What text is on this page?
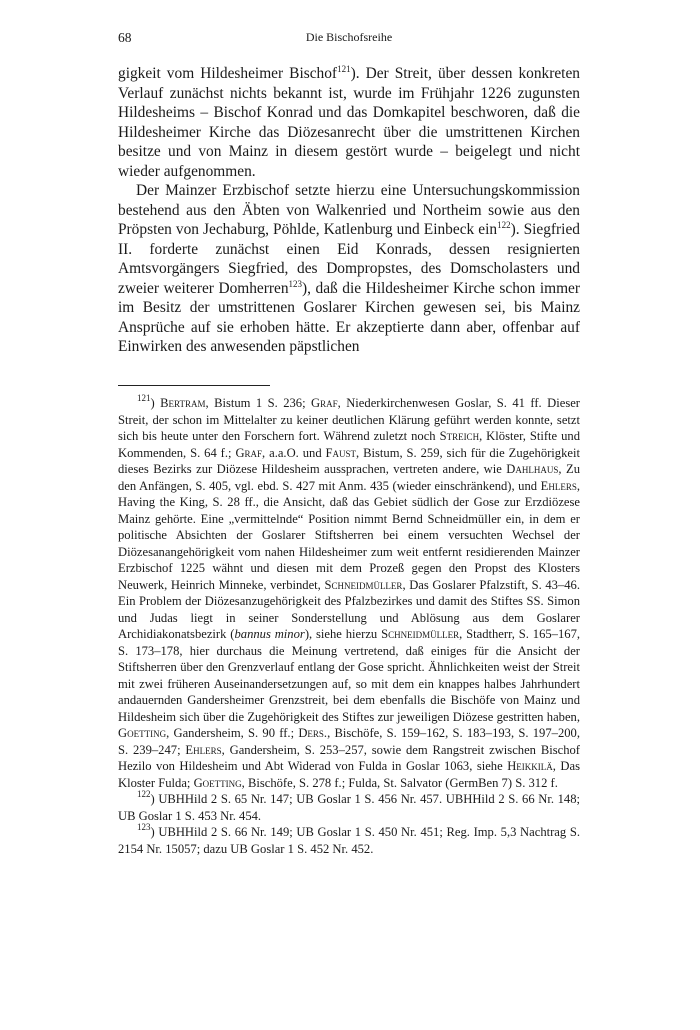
68	Die Bischofsreihe

gigkeit vom Hildesheimer Bischof$^{121}$). Der Streit, über dessen konkreten Verlauf zunächst nichts bekannt ist, wurde im Frühjahr 1226 zugunsten Hildesheims – Bischof Konrad und das Domkapitel beschworen, daß die Hildesheimer Kirche das Diözesanrecht über die umstrittenen Kirchen besitze und von Mainz in diesem gestört wurde – beigelegt und nicht wieder aufgenommen.

Der Mainzer Erzbischof setzte hierzu eine Untersuchungskommission bestehend aus den Äbten von Walkenried und Northeim sowie aus den Pröpsten von Jechaburg, Pöhlde, Katlenburg und Einbeck ein$^{122}$). Siegfried II. forderte zunächst einen Eid Konrads, dessen resignierten Amtsvorgängers Siegfried, des Dompropstes, des Domscholasters und zweier weiterer Domherren$^{123}$), daß die Hildesheimer Kirche schon immer im Besitz der umstrittenen Goslarer Kirchen gewesen sei, bis Mainz Ansprüche auf sie erhoben hätte. Er akzeptierte dann aber, offenbar auf Einwirken des anwesenden päpstlichen

$^{121}$) Bertram, Bistum 1 S. 236; Graf, Niederkirchenwesen Goslar, S. 41 ff. Dieser Streit, der schon im Mittelalter zu keiner deutlichen Klärung geführt werden konnte, setzt sich bis heute unter den Forschern fort. Während zuletzt noch Streich, Klöster, Stifte und Kommenden, S. 64 f.; Graf, a.a.O. und Faust, Bistum, S. 259, sich für die Zugehörigkeit dieses Bezirks zur Diözese Hildesheim aussprachen, vertreten andere, wie Dahlhaus, Zu den Anfängen, S. 405, vgl. ebd. S. 427 mit Anm. 435 (wieder einschränkend), und Ehlers, Having the King, S. 28 ff., die Ansicht, daß das Gebiet südlich der Gose zur Erzdiözese Mainz gehörte. Eine „vermittelnde“ Position nimmt Bernd Schneidmüller ein, in dem er politische Absichten der Goslarer Stiftsherren bei einem versuchten Wechsel der Diözesanangehörigkeit vom nahen Hildesheimer zum weit entfernt residierenden Mainzer Erzbischof 1225 wähnt und diesen mit dem Prozeß gegen den Propst des Klosters Neuwerk, Heinrich Minneke, verbindet, Schneidmüller, Das Goslarer Pfalzstift, S. 43–46. Ein Problem der Diözesanzugehörigkeit des Pfalzbezirkes und damit des Stiftes SS. Simon und Judas liegt in seiner Sonderstellung und Ablösung aus dem Goslarer Archidiakonatsbezirk (bannus minor), siehe hierzu Schneidmüller, Stadtherr, S. 165–167, S. 173–178, hier durchaus die Meinung vertretend, daß einiges für die Ansicht der Stiftsherren über den Grenzverlauf entlang der Gose spricht. Ähnlichkeiten weist der Streit mit zwei früheren Auseinandersetzungen auf, so mit dem ein knappes halbes Jahrhundert andauernden Gandersheimer Grenzstreit, bei dem ebenfalls die Bischöfe von Mainz und Hildesheim sich über die Zugehörigkeit des Stiftes zur jeweiligen Diözese gestritten haben, Goetting, Gandersheim, S. 90 ff.; Ders., Bischöfe, S. 159–162, S. 183–193, S. 197–200, S. 239–247; Ehlers, Gandersheim, S. 253–257, sowie dem Rangstreit zwischen Bischof Hezilo von Hildesheim und Abt Widerad von Fulda in Goslar 1063, siehe Heikkilä, Das Kloster Fulda; Goetting, Bischöfe, S. 278 f.; Fulda, St. Salvator (GermBen 7) S. 312 f.

$^{122}$) UBHHild 2 S. 65 Nr. 147; UB Goslar 1 S. 456 Nr. 457. UBHHild 2 S. 66 Nr. 148; UB Goslar 1 S. 453 Nr. 454.

$^{123}$) UBHHild 2 S. 66 Nr. 149; UB Goslar 1 S. 450 Nr. 451; Reg. Imp. 5,3 Nachtrag S. 2154 Nr. 15057; dazu UB Goslar 1 S. 452 Nr. 452.
